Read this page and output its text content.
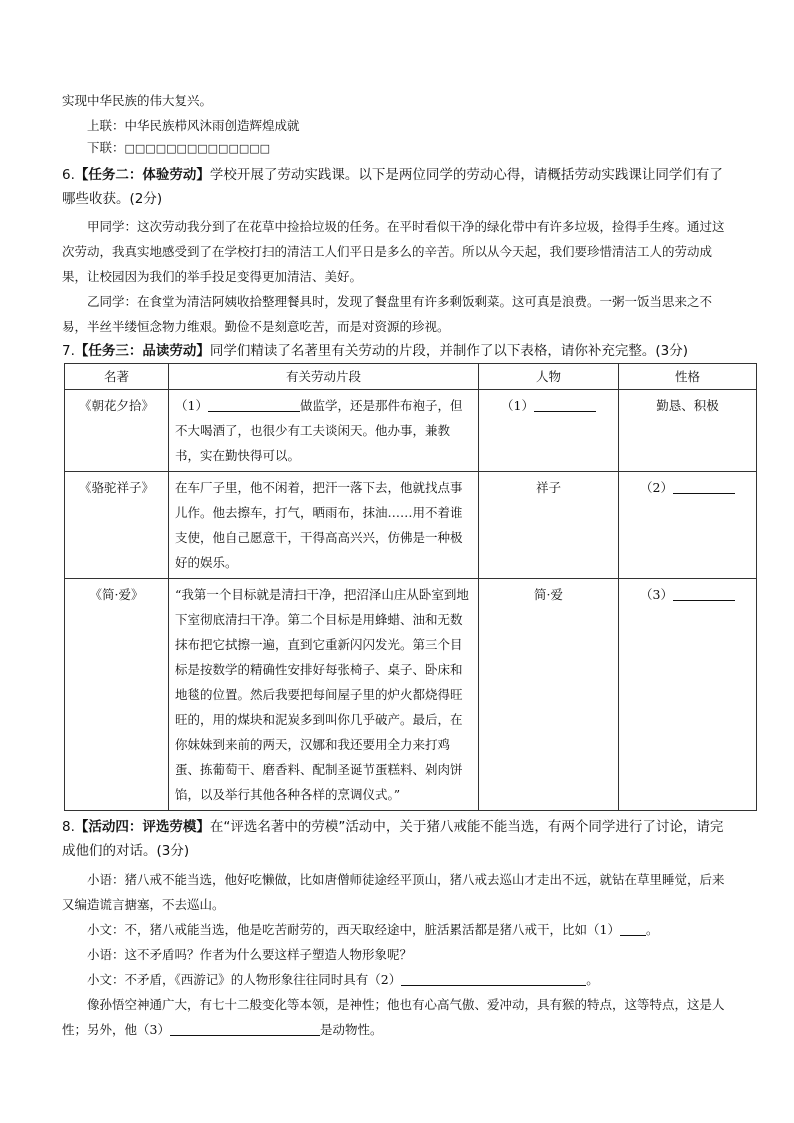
实现中华民族的伟大复兴。
上联：中华民族栉风沐雨创造辉煌成就
下联：□□□□□□□□□□□□□□
6.【任务二：体验劳动】学校开展了劳动实践课。以下是两位同学的劳动心得，请概括劳动实践课让同学们有了哪些收获。(2分)
甲同学：这次劳动我分到了在花草中捡拾垃圾的任务。在平时看似干净的绿化带中有许多垃圾，捡得手生疼。通过这次劳动，我真实地感受到了在学校打扫的清洁工人们平日是多么的辛苦。所以从今天起，我们要珍惜清洁工人的劳动成果，让校园因为我们的举手投足变得更加清洁、美好。
乙同学：在食堂为清洁阿姨收拾整理餐具时，发现了餐盘里有许多剩饭剩菜。这可真是浪费。一粥一饭当思来之不易，半丝半缕恒念物力维艰。勤俭不是刻意吃苦，而是对资源的珍视。
7.【任务三：品读劳动】同学们精读了名著里有关劳动的片段，并制作了以下表格，请你补充完整。(3分)
名著	有关劳动片段	人物	性格
《朝花夕拾》	（1） 做监学，还是那件布袍子，但不大喝酒了，也很少有工夫谈闲天。他办事，兼教书，实在勤快得可以。	（1）	勤恳、积极
《骆驼祥子》	在车厂子里，他不闲着，把汗一落下去，他就找点事儿作。他去擦车，打气，晒雨布，抹油……用不着谁支使，他自己愿意干，干得高高兴兴，仿佛是一种极好的娱乐。	祥子	（2）
《简·爱》	“我第一个目标就是清扫干净，把沼泽山庄从卧室到地下室彻底清扫干净。第二个目标是用蜂蜡、油和无数抹布把它拭擦一遍，直到它重新闪闪发光。第三个目标是按数学的精确性安排好每张椅子、桌子、卧床和地毯的位置。然后我要把每间屋子里的炉火都烧得旺旺的，用的煤块和泥炭多到叫你几乎破产。最后，在你妹妹到来前的两天，汉娜和我还要用全力来打鸡蛋、拣葡萄干、磨香料、配制圣诞节蛋糕料、剁肉饼馅，以及举行其他各种各样的烹调仪式。”	简·爱	（3）
8.【活动四：评选劳模】在“评选名著中的劳模”活动中，关于猪八戒能不能当选，有两个同学进行了讨论，请完成他们的对话。(3分)
小语：猪八戒不能当选，他好吃懒做，比如唐僧师徒途经平顶山，猪八戒去巡山才走出不远，就钻在草里睡觉，后来又编造谎言搪塞，不去巡山。
小文：不，猪八戒能当选，他是吃苦耐劳的，西天取经途中，脏活累活都是猪八戒干，比如（1） 。
小语：这不矛盾吗？作者为什么要这样子塑造人物形象呢？
小文：不矛盾，《西游记》的人物形象往往同时具有（2）	。
像孙悟空神通广大，有七十二般变化等本领，是神性；他也有心高气傲、爱冲动，具有猴的特点，这等特点，这是人性；另外，他（3）	是动物性。
